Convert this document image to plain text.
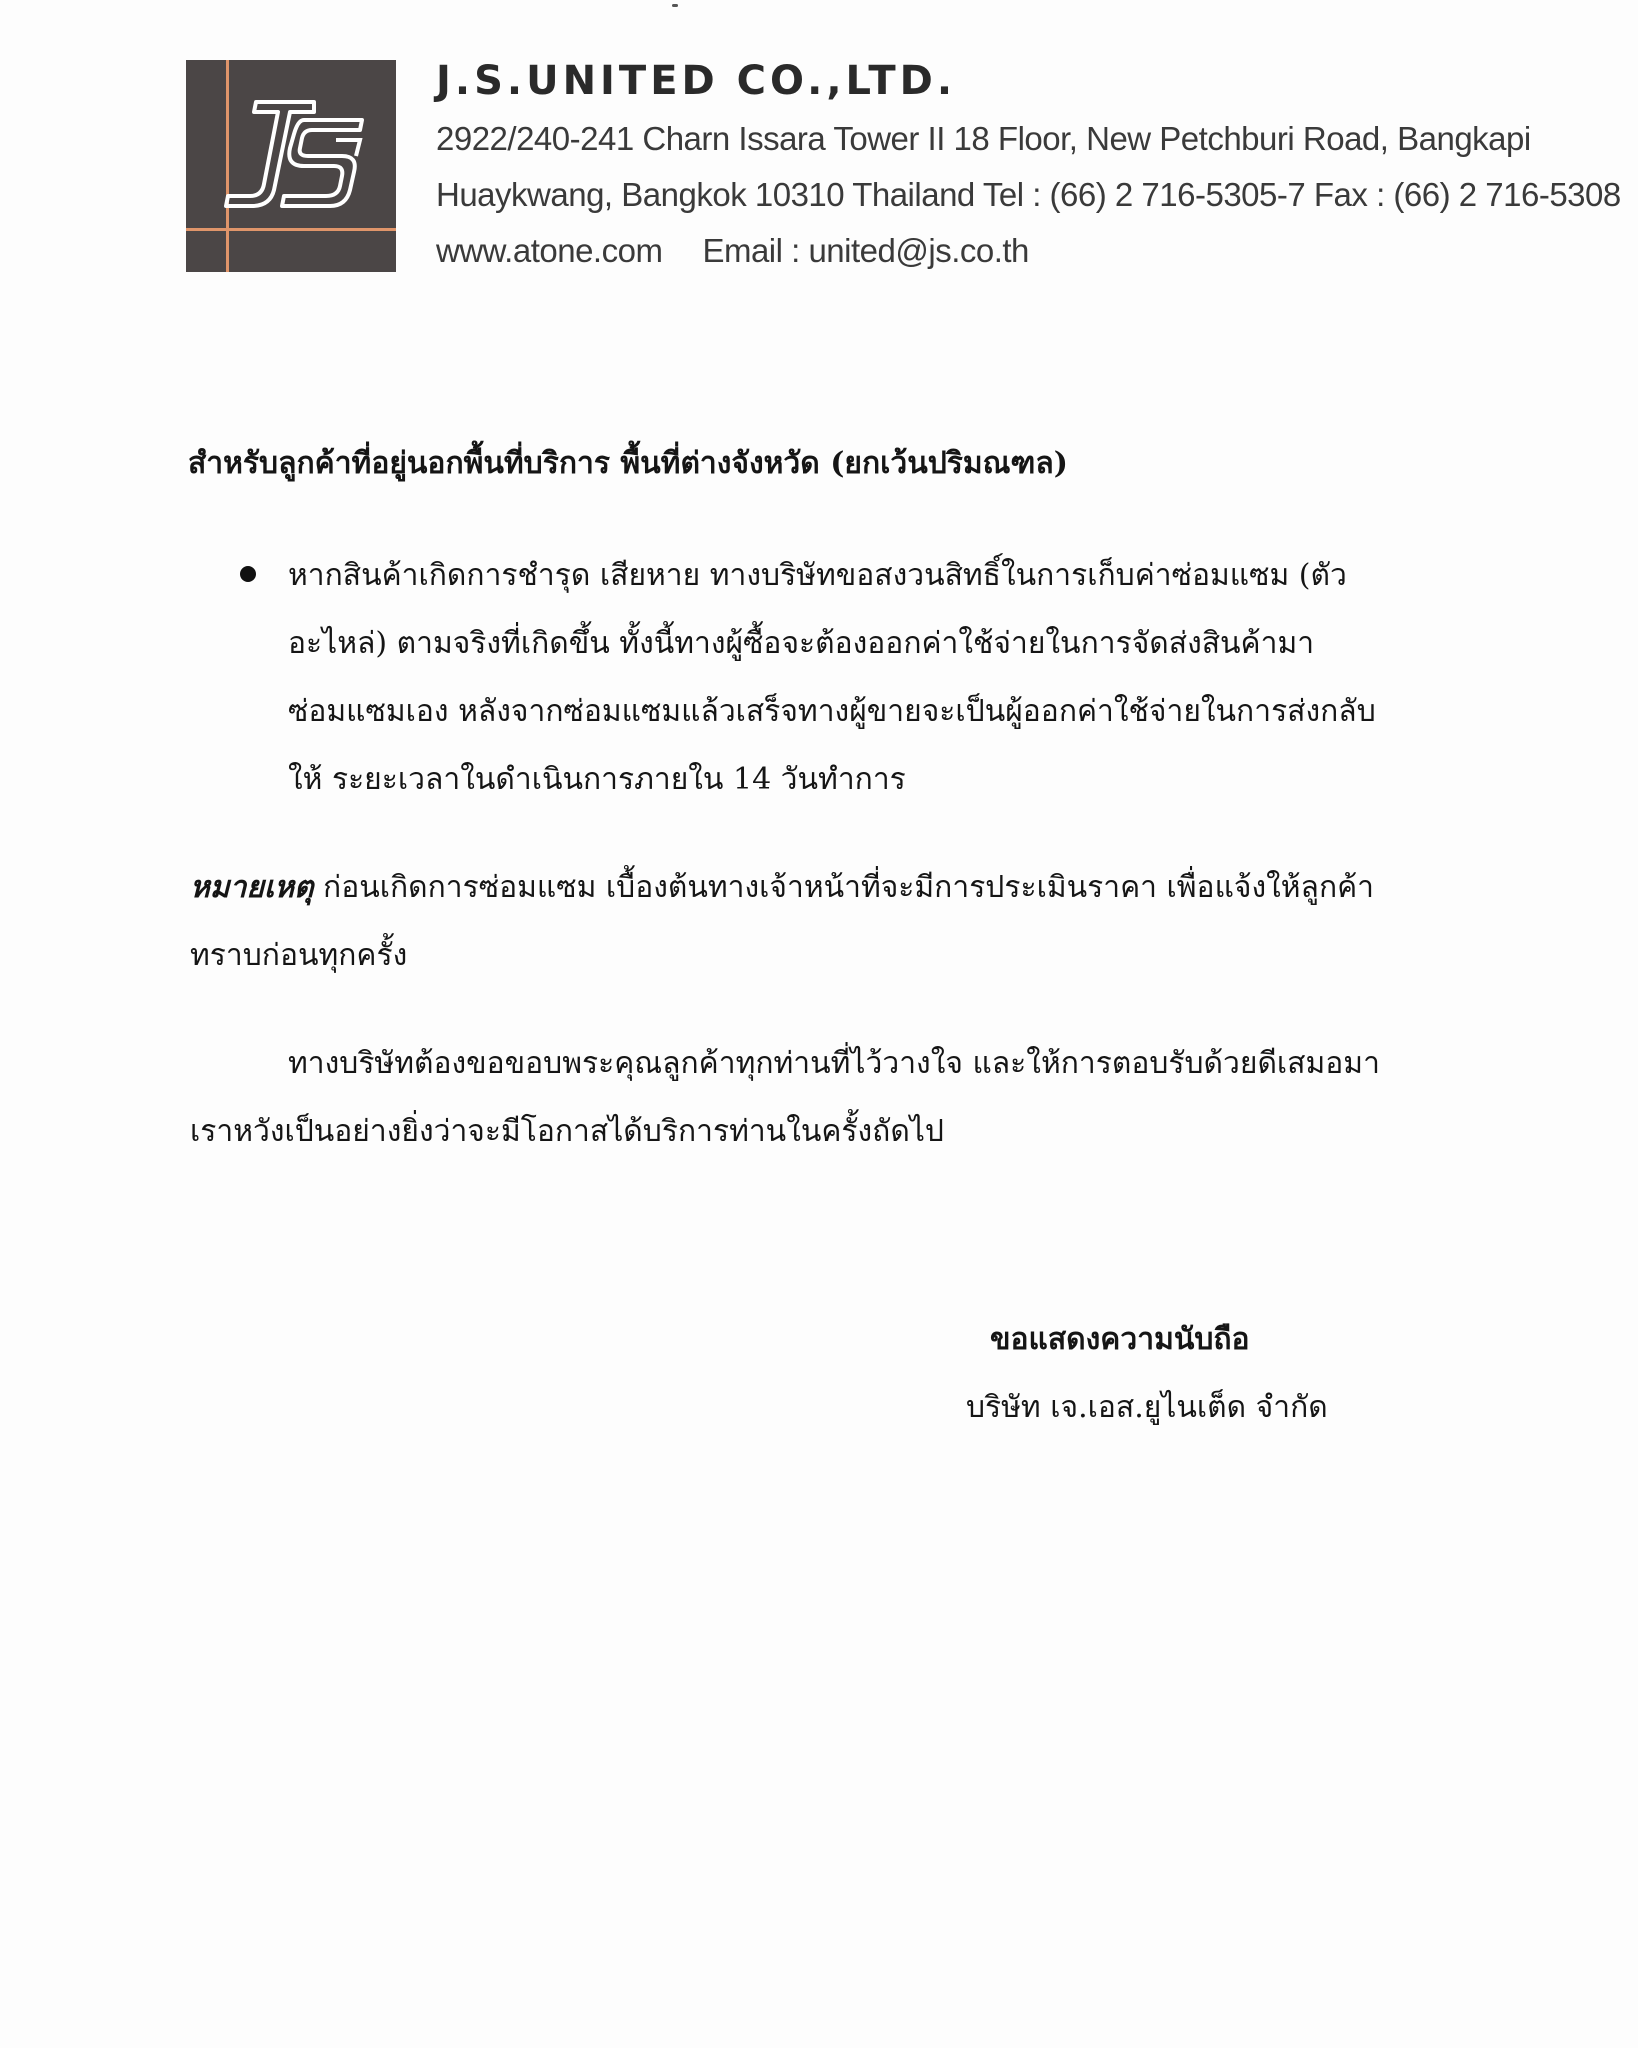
J.S.UNITED CO.,LTD.
2922/240-241 Charn Issara Tower II 18 Floor, New Petchburi Road, Bangkapi
Huaykwang, Bangkok 10310 Thailand Tel : (66) 2 716-5305-7 Fax : (66) 2 716-5308
www.atone.com Email : united@js.co.th
สำหรับลูกค้าที่อยู่นอกพื้นที่บริการ พื้นที่ต่างจังหวัด (ยกเว้นปริมณฑล)
หากสินค้าเกิดการชำรุด เสียหาย ทางบริษัทขอสงวนสิทธิ์ในการเก็บค่าซ่อมแซม (ตัว
อะไหล่) ตามจริงที่เกิดขึ้น ทั้งนี้ทางผู้ซื้อจะต้องออกค่าใช้จ่ายในการจัดส่งสินค้ามา
ซ่อมแซมเอง หลังจากซ่อมแซมแล้วเสร็จทางผู้ขายจะเป็นผู้ออกค่าใช้จ่ายในการส่งกลับ
ให้ ระยะเวลาในดำเนินการภายใน 14 วันทำการ
หมายเหตุ ก่อนเกิดการซ่อมแซม เบื้องต้นทางเจ้าหน้าที่จะมีการประเมินราคา เพื่อแจ้งให้ลูกค้า
ทราบก่อนทุกครั้ง
ทางบริษัทต้องขอขอบพระคุณลูกค้าทุกท่านที่ไว้วางใจ และให้การตอบรับด้วยดีเสมอมา
เราหวังเป็นอย่างยิ่งว่าจะมีโอกาสได้บริการท่านในครั้งถัดไป
ขอแสดงความนับถือ
บริษัท เจ.เอส.ยูไนเต็ด จำกัด
